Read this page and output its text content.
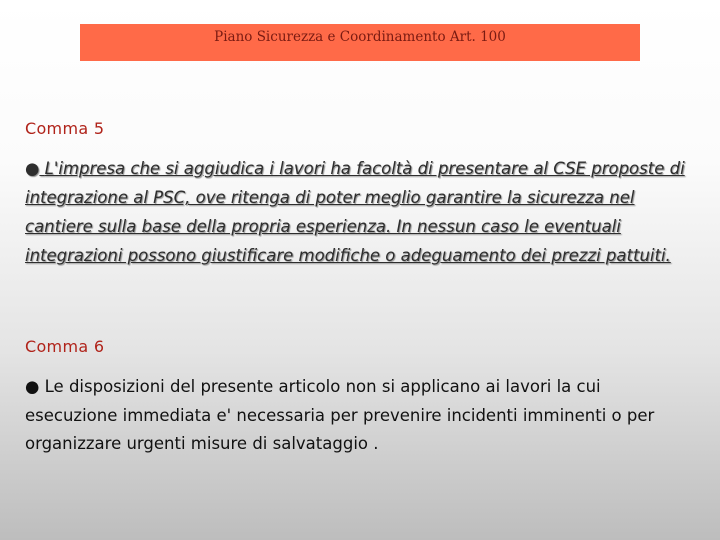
Piano Sicurezza e Coordinamento Art. 100
Comma 5

● L'impresa che si aggiudica i lavori ha facoltà di presentare al CSE proposte di integrazione al PSC, ove ritenga di poter meglio garantire la sicurezza nel cantiere sulla base della propria esperienza. In nessun caso le eventuali integrazioni possono giustificare modifiche o adeguamento dei prezzi pattuiti.

Comma 6

● Le disposizioni del presente articolo non si applicano ai lavori la cui esecuzione immediata e' necessaria per prevenire incidenti imminenti o per organizzare urgenti misure di salvataggio .
